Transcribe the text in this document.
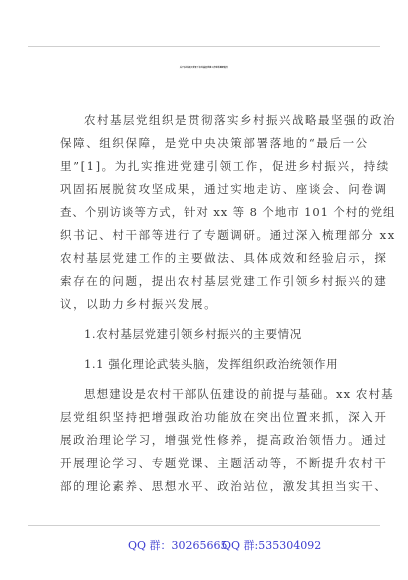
关于乡村振兴背景下农村基层党建工作现状调研报告
农村基层党组织是贯彻落实乡村振兴战略最坚强的政治
保障、组织保障，是党中央决策部署落地的“最后一公
里”[1]。为扎实推进党建引领工作，促进乡村振兴，持续
巩固拓展脱贫攻坚成果，通过实地走访、座谈会、问卷调
查、个别访谈等方式，针对 xx 等 8 个地市 101 个村的党组
织书记、村干部等进行了专题调研。通过深入梳理部分 xx
农村基层党建工作的主要做法、具体成效和经验启示，探
索存在的问题，提出农村基层党建工作引领乡村振兴的建
议，以助力乡村振兴发展。
1.农村基层党建引领乡村振兴的主要情况
1.1 强化理论武装头脑，发挥组织政治统领作用
思想建设是农村干部队伍建设的前提与基础。xx 农村基
层党组织坚持把增强政治功能放在突出位置来抓，深入开
展政治理论学习，增强党性修养，提高政治领悟力。通过
开展理论学习、专题党课、主题活动等，不断提升农村干
部的理论素养、思想水平、政治站位，激发其担当实干、
QQ 群：30265665
QQ 群:535304092
